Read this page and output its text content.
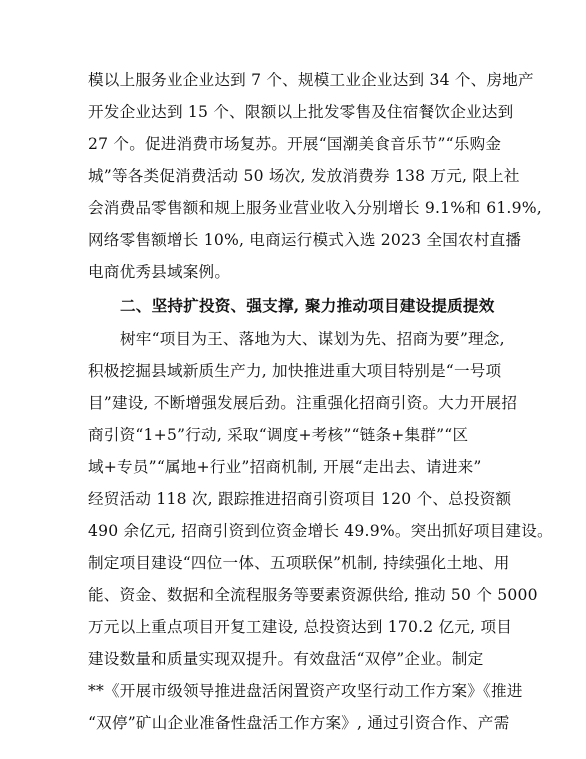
模以上服务业企业达到 7 个、规模工业企业达到 34 个、房地产
开发企业达到 15 个、限额以上批发零售及住宿餐饮企业达到
27 个。促进消费市场复苏。开展“国潮美食音乐节”“乐购金
城”等各类促消费活动 50 场次, 发放消费券 138 万元, 限上社
会消费品零售额和规上服务业营业收入分别增长 9.1%和 61.9%,
网络零售额增长 10%, 电商运行模式入选 2023 全国农村直播
电商优秀县域案例。
二、坚持扩投资、强支撑, 聚力推动项目建设提质提效
树牢“项目为王、落地为大、谋划为先、招商为要”理念,
积极挖掘县域新质生产力, 加快推进重大项目特别是“一号项
目”建设, 不断增强发展后劲。注重强化招商引资。大力开展招
商引资“1+5”行动, 采取“调度+考核”“链条+集群”“区
域+专员”“属地+行业”招商机制, 开展“走出去、请进来”
经贸活动 118 次, 跟踪推进招商引资项目 120 个、总投资额
490 余亿元, 招商引资到位资金增长 49.9%。突出抓好项目建设。
制定项目建设“四位一体、五项联保”机制, 持续强化土地、用
能、资金、数据和全流程服务等要素资源供给, 推动 50 个 5000
万元以上重点项目开复工建设, 总投资达到 170.2 亿元, 项目
建设数量和质量实现双提升。有效盘活“双停”企业。制定
**《开展市级领导推进盘活闲置资产攻坚行动工作方案》《推进
“双停”矿山企业准备性盘活工作方案》, 通过引资合作、产需
